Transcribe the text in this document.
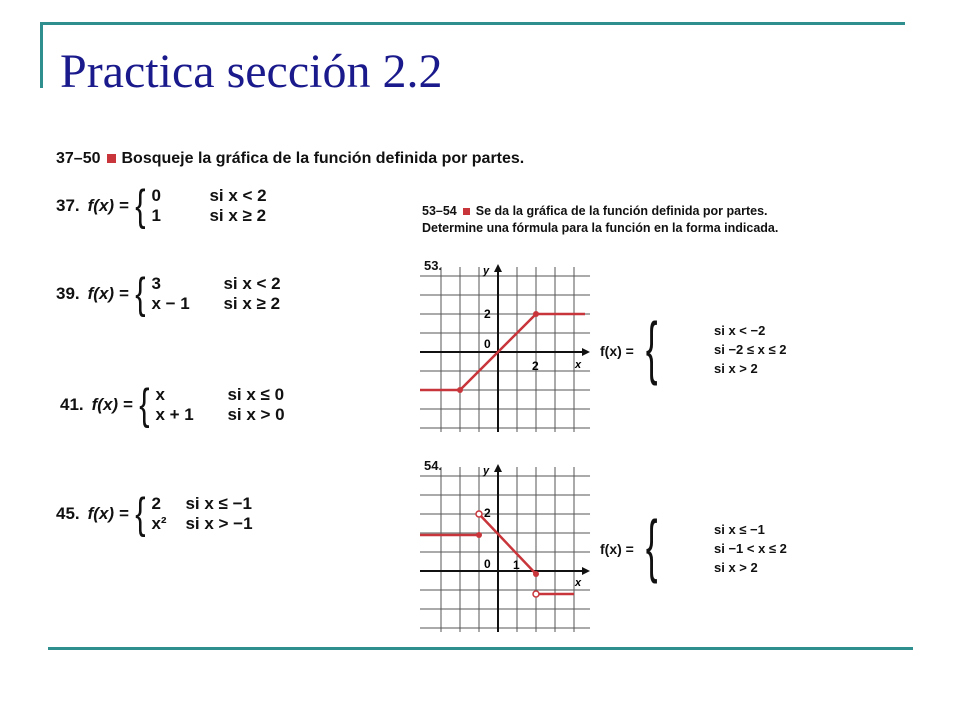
Practica sección 2.2
37–50 Bosqueje la gráfica de la función definida por partes.
37. f(x) = { 0	si x < 2
1	si x ≥ 2
39. f(x) = { 3	si x < 2
x − 1	si x ≥ 2
41. f(x) = { x	si x ≤ 0
x + 1	si x > 0
45. f(x) = { 2	si x ≤ −1
x²	si x > −1
53–54 Se da la gráfica de la función definida por partes. Determine una fórmula para la función en la forma indicada.
53.	y
x
2
0
2
f(x) = {	si x < −2
si −2 ≤ x ≤ 2
si x > 2
54.	y
x
2
0 1
f(x) = {	si x ≤ −1
si −1 < x ≤ 2
si x > 2
